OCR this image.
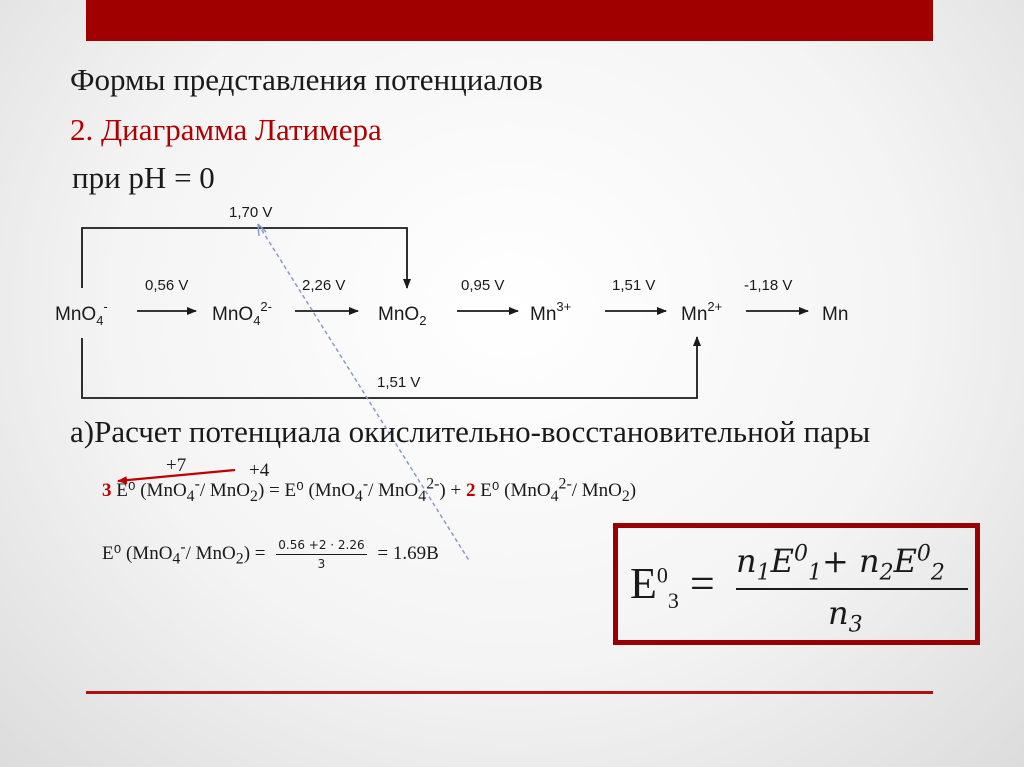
Формы представления потенциалов
2. Диаграмма Латимера
при pH = 0
MnO$_4$-	MnO$_4^{2-}$	MnO$_2$	$Mn^{3+}$	$Mn^{2+}$	Mn
0,56 V	2,26 V	0,95 V	1,51 V	-1,18 V
1,70 V
1,51 V
а)Расчет потенциала окислительно-восстановительной пары
+7	+4
3 E⁰ (MnO$_4$-/ MnO$_2$) = E⁰ (MnO$_4$-/ MnO$_4^{2-}$) + 2 E⁰ (MnO$_4^{2-}$/ MnO$_2$)
E⁰ (MnO$_4$-/ $MnO_2) = \frac{0.56 +2 \cdot 2.26}{3} = 1.69В$
$E^0_3 = n_1E^0_1+ n_2E^0_2$
$n_3$
